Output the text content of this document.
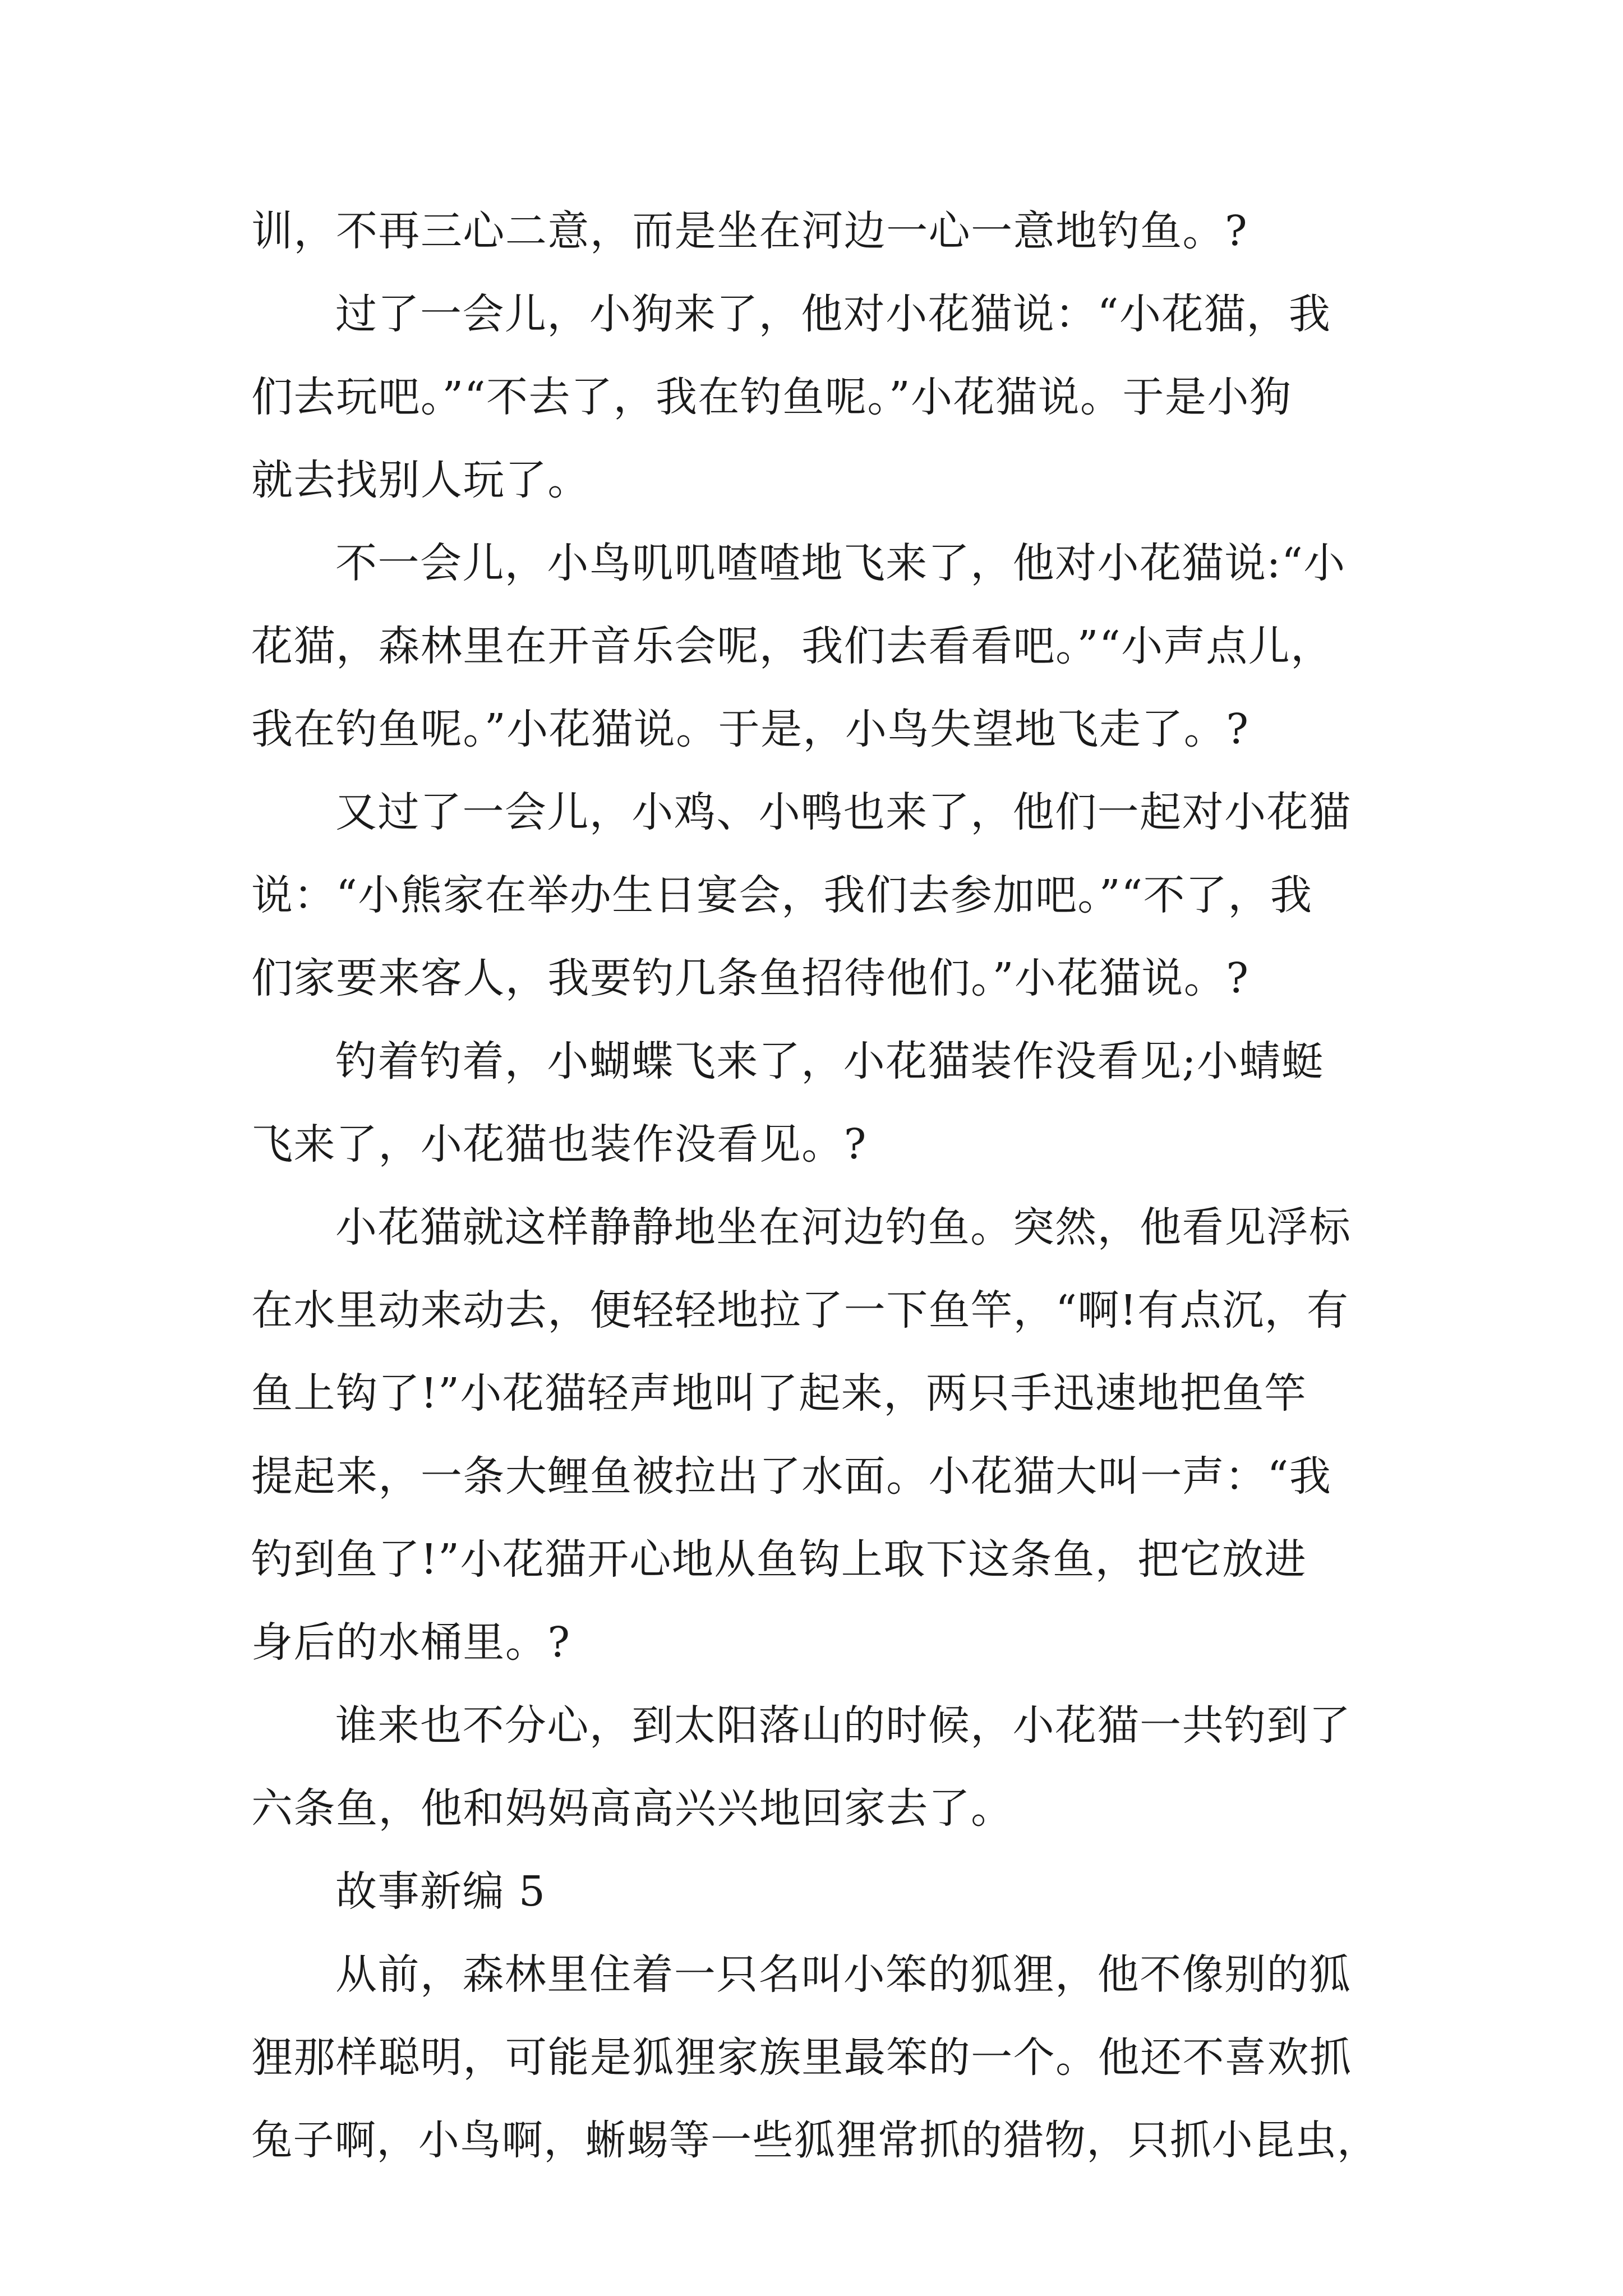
训，不再三心二意，而是坐在河边一心一意地钓鱼。?
过了一会儿，小狗来了，他对小花猫说：“小花猫，我
们去玩吧。”“不去了，我在钓鱼呢。”小花猫说。于是小狗
就去找别人玩了。
不一会儿，小鸟叽叽喳喳地飞来了，他对小花猫说:“小
花猫，森林里在开音乐会呢，我们去看看吧。”“小声点儿，
我在钓鱼呢。”小花猫说。于是，小鸟失望地飞走了。?
又过了一会儿，小鸡、小鸭也来了，他们一起对小花猫
说：“小熊家在举办生日宴会，我们去参加吧。”“不了，我
们家要来客人，我要钓几条鱼招待他们。”小花猫说。?
钓着钓着，小蝴蝶飞来了，小花猫装作没看见;小蜻蜓
飞来了，小花猫也装作没看见。?
小花猫就这样静静地坐在河边钓鱼。突然，他看见浮标
在水里动来动去，便轻轻地拉了一下鱼竿，“啊!有点沉，有
鱼上钩了!”小花猫轻声地叫了起来，两只手迅速地把鱼竿
提起来，一条大鲤鱼被拉出了水面。小花猫大叫一声：“我
钓到鱼了!”小花猫开心地从鱼钩上取下这条鱼，把它放进
身后的水桶里。?
谁来也不分心，到太阳落山的时候，小花猫一共钓到了
六条鱼，他和妈妈高高兴兴地回家去了。
故事新编 5
从前，森林里住着一只名叫小笨的狐狸，他不像别的狐
狸那样聪明，可能是狐狸家族里最笨的一个。他还不喜欢抓
兔子啊，小鸟啊，蜥蜴等一些狐狸常抓的猎物，只抓小昆虫，
